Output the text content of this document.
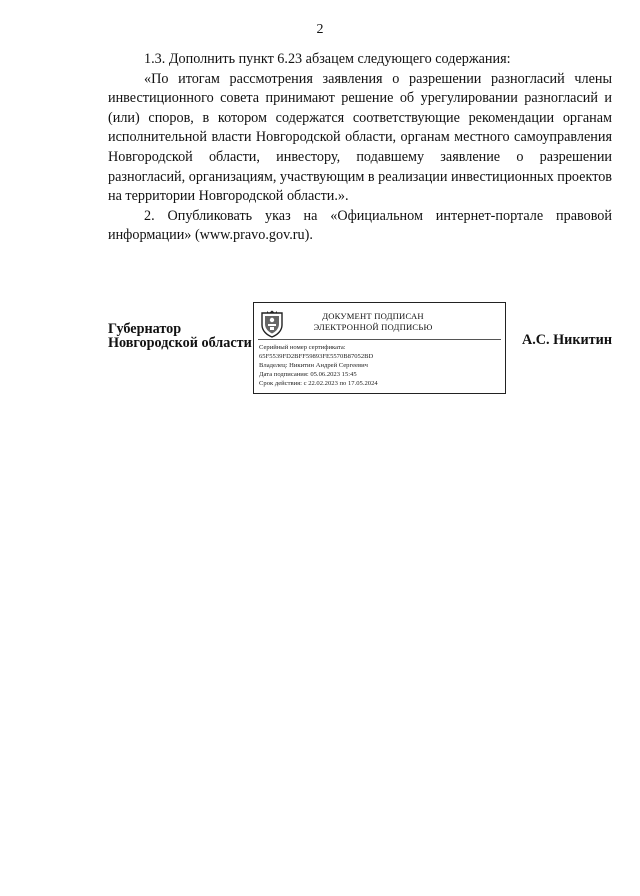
2

1.3. Дополнить пункт 6.23 абзацем следующего содержания:

«По итогам рассмотрения заявления о разрешении разногласий члены инвестиционного совета принимают решение об урегулировании разногласий и (или) споров, в котором содержатся соответствующие рекомендации органам исполнительной власти Новгородской области, органам местного самоуправления Новгородской области, инвестору, подавшему заявление о разрешении разногласий, организациям, участвующим в реализации инвестиционных проектов на территории Новгородской области.».

2. Опубликовать указ на «Официальном интернет-портале правовой информации» (www.pravo.gov.ru).

Губернатор
Новгородской области
ДОКУМЕНТ ПОДПИСАН
ЭЛЕКТРОННОЙ ПОДПИСЬЮ
Серийный номер сертификата:
65F5539FD2BFF59893FE5570B87052BD
Владелец: Никитин Андрей Сергеевич
Дата подписания: 05.06.2023 15:45
Срок действия: с 22.02.2023 по 17.05.2024
А.С. Никитин
